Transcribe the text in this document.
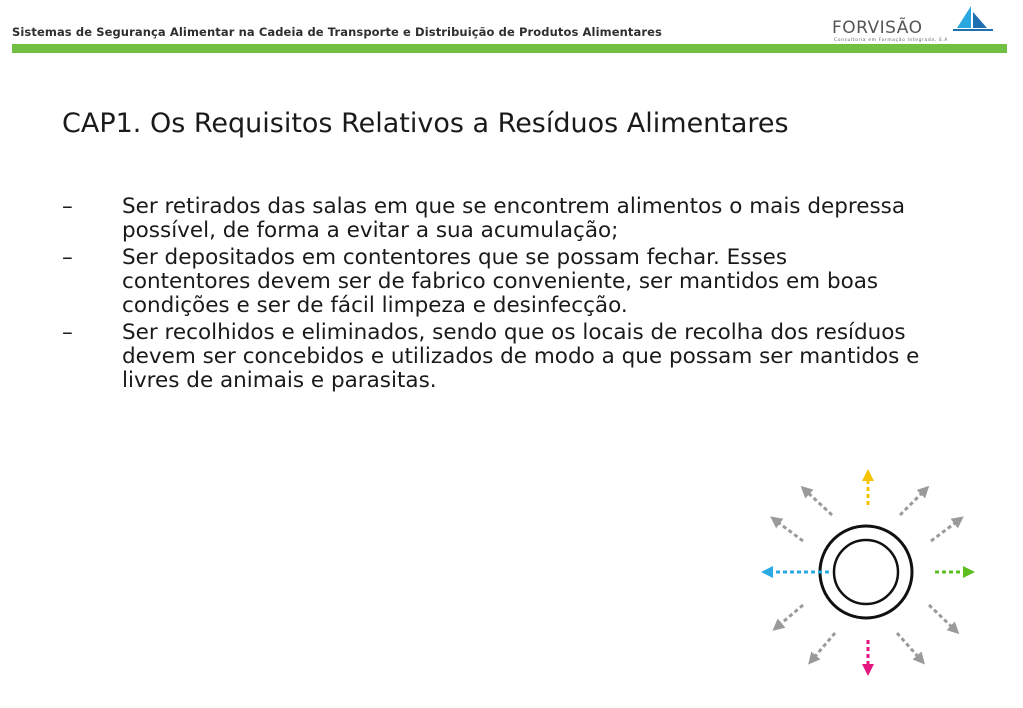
Sistemas de Segurança Alimentar na Cadeia de Transporte e Distribuição de Produtos Alimentares	FORVISÃO
Consultoria em Formação Integrada, S.A
CAP1. Os Requisitos Relativos a Resíduos Alimentares
– Ser retirados das salas em que se encontrem alimentos o mais depressa possível, de forma a evitar a sua acumulação;
– Ser depositados em contentores que se possam fechar. Esses contentores devem ser de fabrico conveniente, ser mantidos em boas condições e ser de fácil limpeza e desinfecção.
– Ser recolhidos e eliminados, sendo que os locais de recolha dos resíduos devem ser concebidos e utilizados de modo a que possam ser mantidos e livres de animais e parasitas.
